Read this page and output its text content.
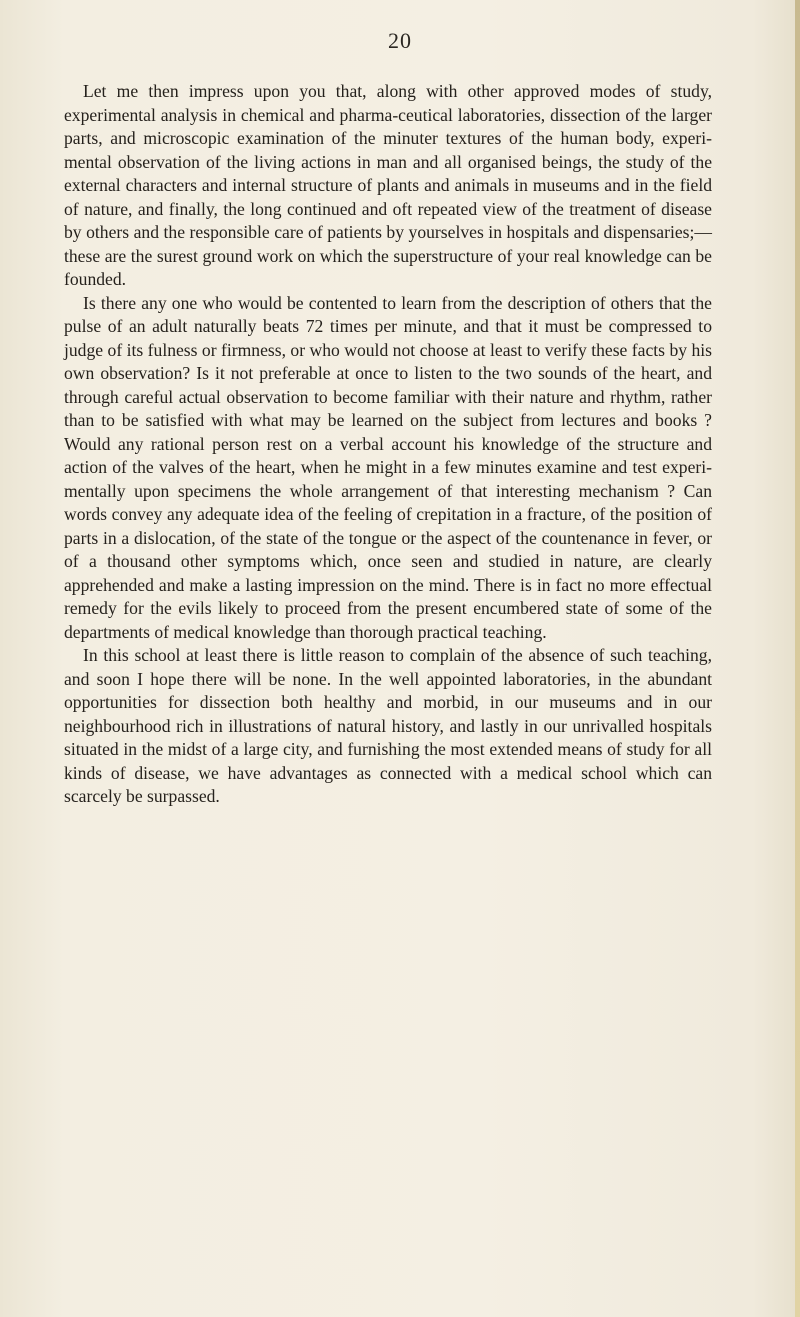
20

Let me then impress upon you that, along with other approved modes of study, experimental analysis in chemical and pharma-ceutical laboratories, dissection of the larger parts, and microscopic examination of the minuter textures of the human body, experi-mental observation of the living actions in man and all organised beings, the study of the external characters and internal structure of plants and animals in museums and in the field of nature, and finally, the long continued and oft repeated view of the treatment of disease by others and the responsible care of patients by yourselves in hospitals and dispensaries;—these are the surest ground work on which the superstructure of your real knowledge can be founded.

Is there any one who would be contented to learn from the description of others that the pulse of an adult naturally beats 72 times per minute, and that it must be compressed to judge of its fulness or firmness, or who would not choose at least to verify these facts by his own observation? Is it not preferable at once to listen to the two sounds of the heart, and through careful actual observation to become familiar with their nature and rhythm, rather than to be satisfied with what may be learned on the subject from lectures and books ? Would any rational person rest on a verbal account his knowledge of the structure and action of the valves of the heart, when he might in a few minutes examine and test experi-mentally upon specimens the whole arrangement of that interesting mechanism ? Can words convey any adequate idea of the feeling of crepitation in a fracture, of the position of parts in a dislocation, of the state of the tongue or the aspect of the countenance in fever, or of a thousand other symptoms which, once seen and studied in nature, are clearly apprehended and make a lasting impression on the mind. There is in fact no more effectual remedy for the evils likely to proceed from the present encumbered state of some of the departments of medical knowledge than thorough practical teaching.

In this school at least there is little reason to complain of the absence of such teaching, and soon I hope there will be none. In the well appointed laboratories, in the abundant opportunities for dissection both healthy and morbid, in our museums and in our neighbourhood rich in illustrations of natural history, and lastly in our unrivalled hospitals situated in the midst of a large city, and furnishing the most extended means of study for all kinds of disease, we have advantages as connected with a medical school which can scarcely be surpassed.
